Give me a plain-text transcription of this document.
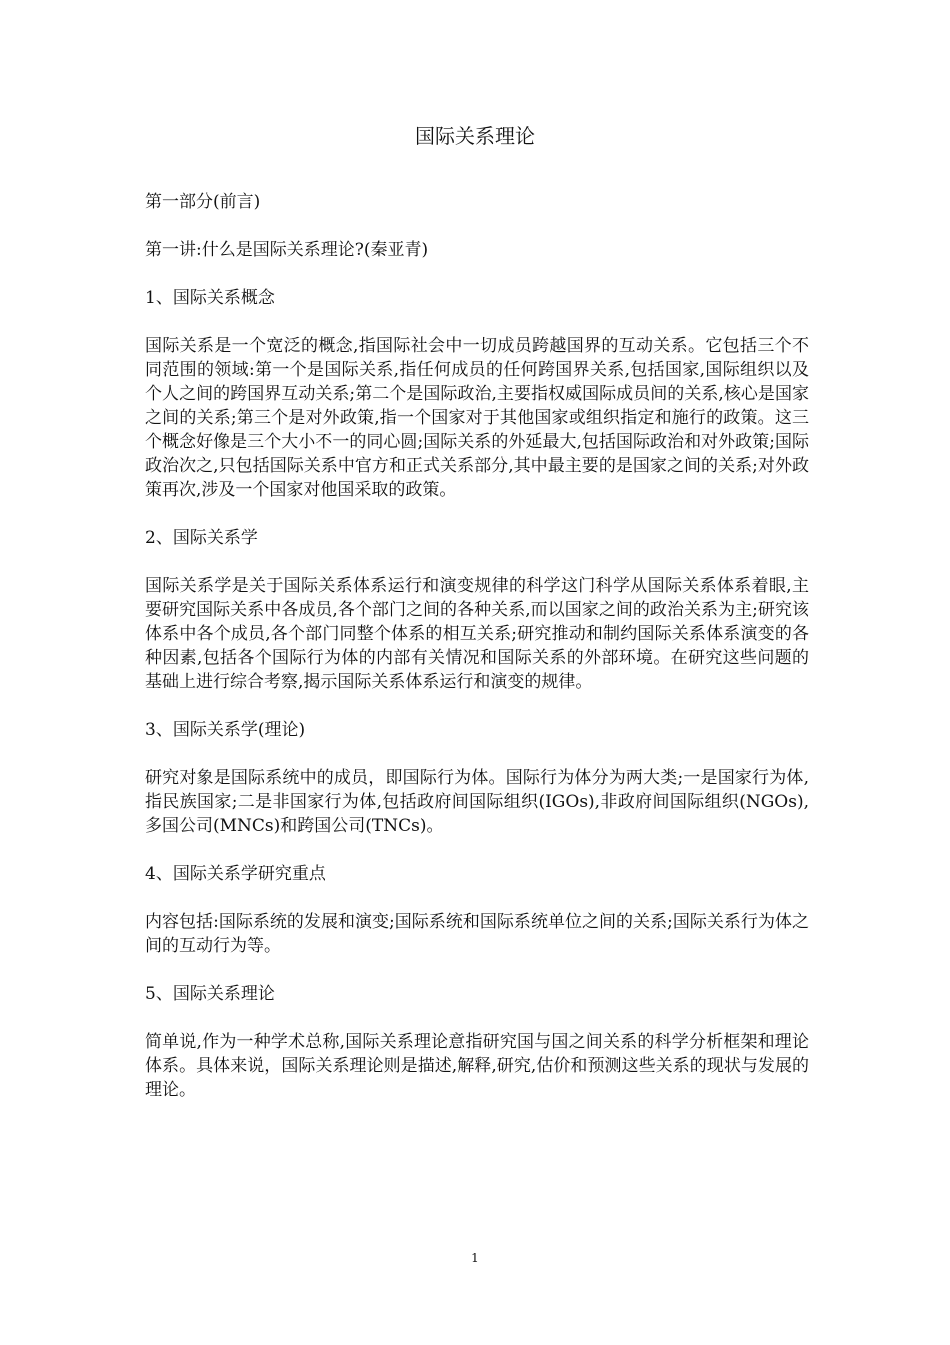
国际关系理论

第一部分(前言)

第一讲:什么是国际关系理论?(秦亚青)

1、国际关系概念

国际关系是一个宽泛的概念,指国际社会中一切成员跨越国界的互动关系。它包括三个不同范围的领域:第一个是国际关系,指任何成员的任何跨国界关系,包括国家,国际组织以及个人之间的跨国界互动关系;第二个是国际政治,主要指权威国际成员间的关系,核心是国家之间的关系;第三个是对外政策,指一个国家对于其他国家或组织指定和施行的政策。这三个概念好像是三个大小不一的同心圆;国际关系的外延最大,包括国际政治和对外政策;国际政治次之,只包括国际关系中官方和正式关系部分,其中最主要的是国家之间的关系;对外政策再次,涉及一个国家对他国采取的政策。

2、国际关系学

国际关系学是关于国际关系体系运行和演变规律的科学这门科学从国际关系体系着眼,主要研究国际关系中各成员,各个部门之间的各种关系,而以国家之间的政治关系为主;研究该体系中各个成员,各个部门同整个体系的相互关系;研究推动和制约国际关系体系演变的各种因素,包括各个国际行为体的内部有关情况和国际关系的外部环境。在研究这些问题的基础上进行综合考察,揭示国际关系体系运行和演变的规律。

3、国际关系学(理论)

研究对象是国际系统中的成员，即国际行为体。国际行为体分为两大类;一是国家行为体,指民族国家;二是非国家行为体,包括政府间国际组织(IGOs),非政府间国际组织(NGOs),多国公司(MNCs)和跨国公司(TNCs)。

4、国际关系学研究重点

内容包括:国际系统的发展和演变;国际系统和国际系统单位之间的关系;国际关系行为体之间的互动行为等。

5、国际关系理论

简单说,作为一种学术总称,国际关系理论意指研究国与国之间关系的科学分析框架和理论体系。具体来说，国际关系理论则是描述,解释,研究,估价和预测这些关系的现状与发展的理论。

1
